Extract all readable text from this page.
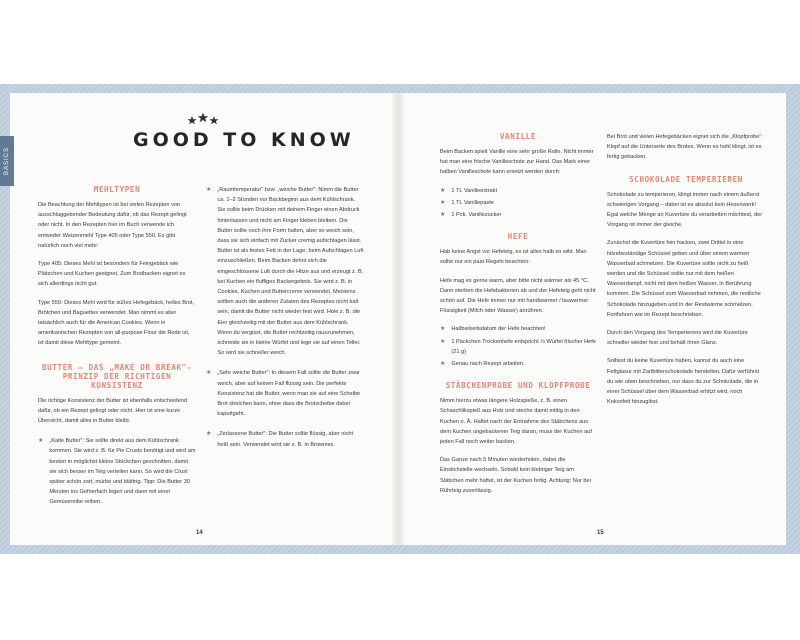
BASICS
GOOD TO KNOW
MEHLTYPEN

Die Beachtung der Mehltypen ist bei vielen Rezepten von ausschlaggebender Bedeutung dafür, ob das Rezept gelingt oder nicht. In den Rezepten hier im Buch verwende ich entweder Weizenmehl Type 405 oder Type 550. Es gibt natürlich noch viel mehr:

Type 405: Dieses Mehl ist besonders für Feingebäck wie Plätzchen und Kuchen geeignet. Zum Brotbacken eignet es sich allerdings nicht gut.

Type 550: Dieses Mehl wird für süßes Hefegebäck, helles Brot, Brötchen und Baguettes verwendet. Man nimmt es aber tatsächlich auch für die American Cookies. Wenn in amerikanischen Rezepten von all-purpose Flour die Rede ist, ist damit diese Mehltype gemeint.

BUTTER – DAS „MAKE OR BREAK"-PRINZIP DER RICHTIGEN KONSISTENZ

Die richtige Konsistenz der Butter ist ebenfalls entscheidend dafür, ob ein Rezept gelingt oder nicht. Hier ist eine kurze Übersicht, damit alles in Butter bleibt.

★ „Kalte Butter": Sie sollte direkt aus dem Kühlschrank kommen. Sie wird z. B. für Pie Crusts benötigt und wird am besten in möglichst kleine Stückchen geschnitten, damit sie sich besser im Teig verteilen kann. So wird die Crust später schön zart, mürbe und blättrig. Tipp: Die Butter 30 Minuten ins Gefrierfach legen und dann mit einer Gemüsereibe reiben.

★ „Raumtemperatur" bzw. „weiche Butter": Nimm die Butter ca. 1–2 Stunden vor Backbeginn aus dem Kühlschrank. Sie sollte beim Drücken mit deinem Finger einen Abdruck hinterlassen und nicht am Finger kleben bleiben. Die Butter sollte noch ihre Form halten, aber so weich sein, dass sie sich einfach mit Zucker cremig aufschlagen lässt. Butter ist als festes Fett in der Lage, beim Aufschlagen Luft einzuschließen. Beim Backen dehnt sich die eingeschlossene Luft durch die Hitze aus und erzeugt z. B. bei Kuchen ein fluffiges Backergebnis. Sie wird z. B. in Cookies, Kuchen und Buttercreme verwendet. Meistens sollten auch die anderen Zutaten des Rezeptes nicht kalt sein, damit die Butter nicht wieder fest wird. Hole z. B. die Eier gleichzeitig mit der Butter aus dem Kühlschrank. Wenn du vergisst, die Butter rechtzeitig rauszunehmen, schneide sie in kleine Würfel und lege sie auf einen Teller. So wird sie schneller weich.

★ „Sehr weiche Butter": In diesem Fall sollte die Butter zwar weich, aber auf keinen Fall flüssig sein. Die perfekte Konsistenz hat die Butter, wenn man sie auf eine Scheibe Brot streichen kann, ohne dass die Brotscheibe dabei kaputtgeht.

★ „Zerlassene Butter": Die Butter sollte flüssig, aber nicht heiß sein. Verwendet wird sie z. B. in Brownies.

VANILLE

Beim Backen spielt Vanille eine sehr große Rolle. Nicht immer hat man eine frische Vanilleschote zur Hand. Das Mark einer halben Vanilleschote kann ersetzt werden durch:

★ 1 TL Vanilleextrakt
★ 1 TL Vanillepaste
★ 1 Pck. Vanillezucker
HEFE

Hab keine Angst vor Hefeteig, es ist alles halb so wild. Man sollte nur ein paar Regeln beachten:

Hefe mag es gerne warm, aber bitte nicht wärmer als 45 °C. Dann sterben die Hefebakterien ab und der Hefeteig geht nicht schön auf. Die Hefe immer nur mit handwarmer / lauwarmer Flüssigkeit (Milch oder Wasser) anrühren.

★ Haltbarkeitsdatum der Hefe beachten!
★ 1 Päckchen Trockenhefe entspricht ½ Würfel frischer Hefe (21 g)
★ Genau nach Rezept arbeiten.
STÄBCHENPROBE UND KLOPFPROBE

Nimm hierzu etwas längere Holzspieße, z. B. einen Schaschlikspieß aus Holz und steche damit mittig in den Kuchen o. Ä. Haftet nach der Entnahme des Stäbchens aus dem Kuchen ungebackener Teig daran, muss der Kuchen auf jeden Fall noch weiter backen.

Das Ganze nach 5 Minuten wiederholen, dabei die Einstichstelle wechseln. Sobald kein klebriger Teig am Stäbchen mehr haftet, ist der Kuchen fertig. Achtung: Nur bei Rührteig zuverlässig.

Bei Brot und vielen Hefegebäcken eignet sich die „Klopfprobe": Klopf auf die Unterseite des Brotes. Wenn es hohl klingt, ist es fertig gebacken.

SCHOKOLADE TEMPERIEREN

Schokolade zu temperieren, klingt immer nach einem äußerst schwierigen Vorgang – dabei ist es absolut kein Hexenwerk! Egal welche Menge an Kuvertüre du verarbeiten möchtest, der Vorgang ist immer der gleiche.

Zunächst die Kuvertüre fein hacken, zwei Drittel in eine hitzebeständige Schüssel geben und über einem warmen Wasserbad schmelzen. Die Kuvertüre sollte nicht zu heiß werden und die Schüssel sollte nur mit dem heißen Wasserdampf, nicht mit dem heißen Wasser, in Berührung kommen. Die Schüssel vom Wasserbad nehmen, die restliche Schokolade hinzugeben und in der Restwärme schmelzen. Fortfahren wie im Rezept beschrieben.

Durch den Vorgang des Temperierens wird die Kuvertüre schneller wieder fest und behält ihren Glanz.

Solltest du keine Kuvertüre haben, kannst du auch eine Fettglasur mit Zartbitterschokolade herstellen. Dafür verführst du wie oben beschrieben, nur dass du zur Schokolade, die in einer Schüssel über dem Wasserbad erhitzt wird, noch Kokosfett hinzugibst.

14	15
